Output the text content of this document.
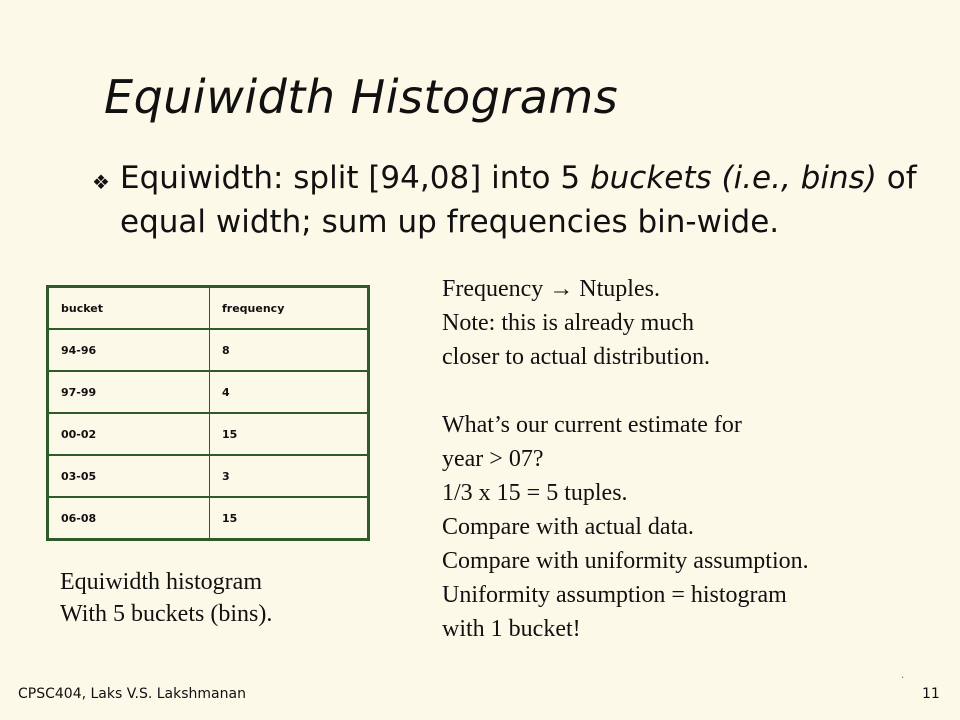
Equiwidth Histograms
❖ Equiwidth: split [94,08] into 5 buckets (i.e., bins) of equal width; sum up frequencies bin-wide.
bucket	frequency
94-96	8
97-99	4
00-02	15
03-05	3
06-08	15
Equiwidth histogram
With 5 buckets (bins).
Frequency → Ntuples.
Note: this is already much
closer to actual distribution.
What’s our current estimate for
year > 07?
1/3 x 15 = 5 tuples.
Compare with actual data.
Compare with uniformity assumption.
Uniformity assumption = histogram
with 1 bucket!
.
CPSC404, Laks V.S. Lakshmanan	11
